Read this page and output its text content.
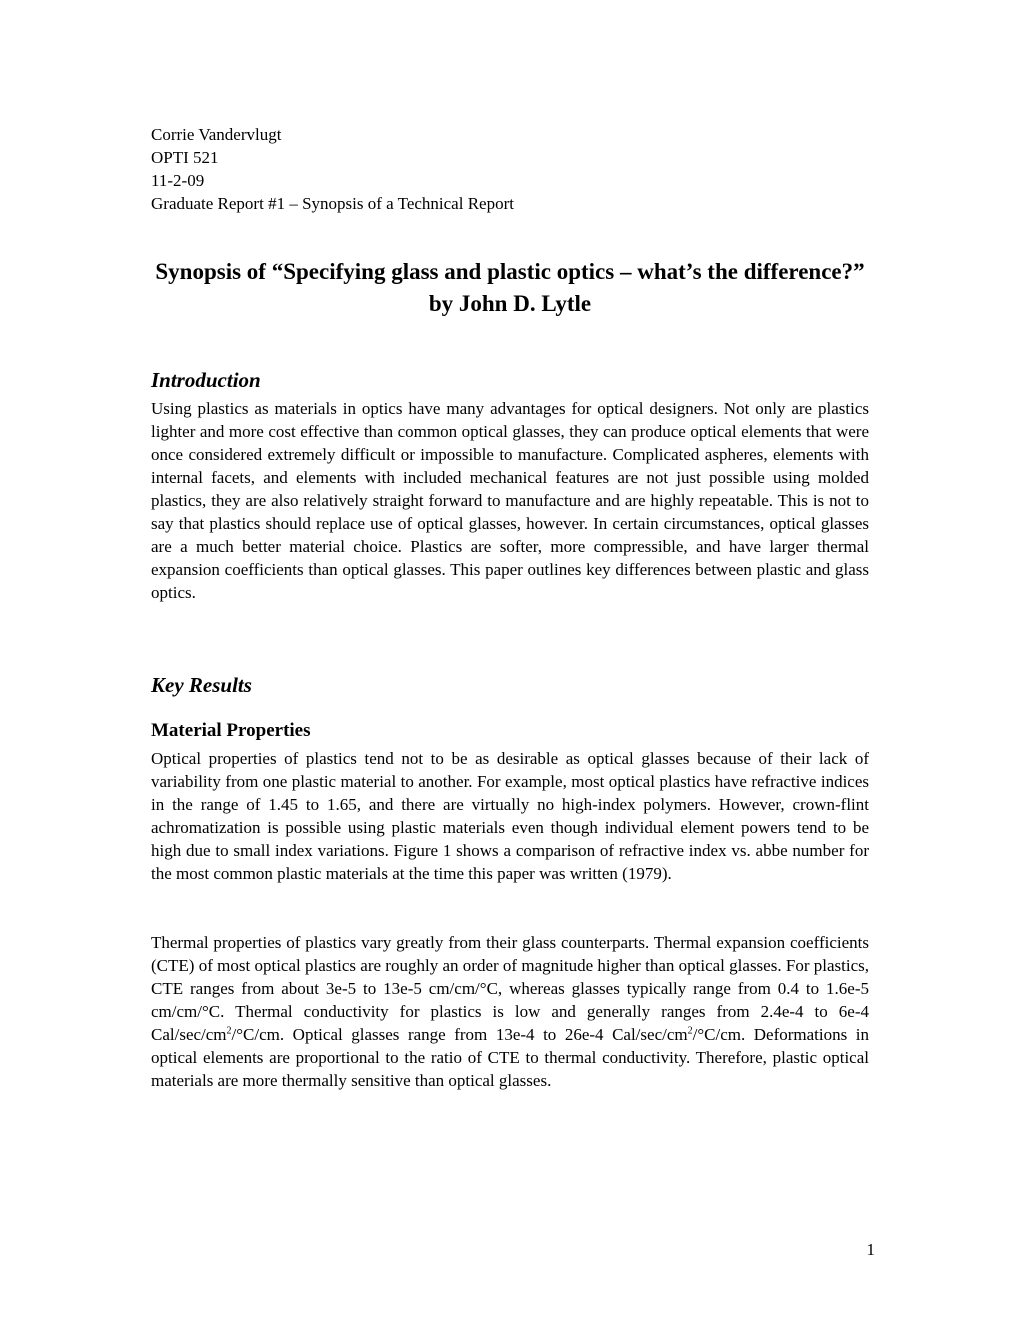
Corrie Vandervlugt
OPTI 521
11-2-09
Graduate Report #1 – Synopsis of a Technical Report
Synopsis of “Specifying glass and plastic optics – what’s the difference?” by John D. Lytle
Introduction
Using plastics as materials in optics have many advantages for optical designers. Not only are plastics lighter and more cost effective than common optical glasses, they can produce optical elements that were once considered extremely difficult or impossible to manufacture. Complicated aspheres, elements with internal facets, and elements with included mechanical features are not just possible using molded plastics, they are also relatively straight forward to manufacture and are highly repeatable. This is not to say that plastics should replace use of optical glasses, however. In certain circumstances, optical glasses are a much better material choice. Plastics are softer, more compressible, and have larger thermal expansion coefficients than optical glasses. This paper outlines key differences between plastic and glass optics.
Key Results
Material Properties
Optical properties of plastics tend not to be as desirable as optical glasses because of their lack of variability from one plastic material to another. For example, most optical plastics have refractive indices in the range of 1.45 to 1.65, and there are virtually no high-index polymers. However, crown-flint achromatization is possible using plastic materials even though individual element powers tend to be high due to small index variations. Figure 1 shows a comparison of refractive index vs. abbe number for the most common plastic materials at the time this paper was written (1979).
Thermal properties of plastics vary greatly from their glass counterparts. Thermal expansion coefficients (CTE) of most optical plastics are roughly an order of magnitude higher than optical glasses. For plastics, CTE ranges from about 3e-5 to 13e-5 cm/cm/°C, whereas glasses typically range from 0.4 to 1.6e-5 cm/cm/°C. Thermal conductivity for plastics is low and generally ranges from 2.4e-4 to 6e-4 Cal/$\sec/cm^2/^\circ C/cm$. Optical glasses range from 13e-4 to 26e-4 Cal/$\sec/cm^2/^\circ C/cm$. Deformations in optical elements are proportional to the ratio of CTE to thermal conductivity. Therefore, plastic optical materials are more thermally sensitive than optical glasses.
1
